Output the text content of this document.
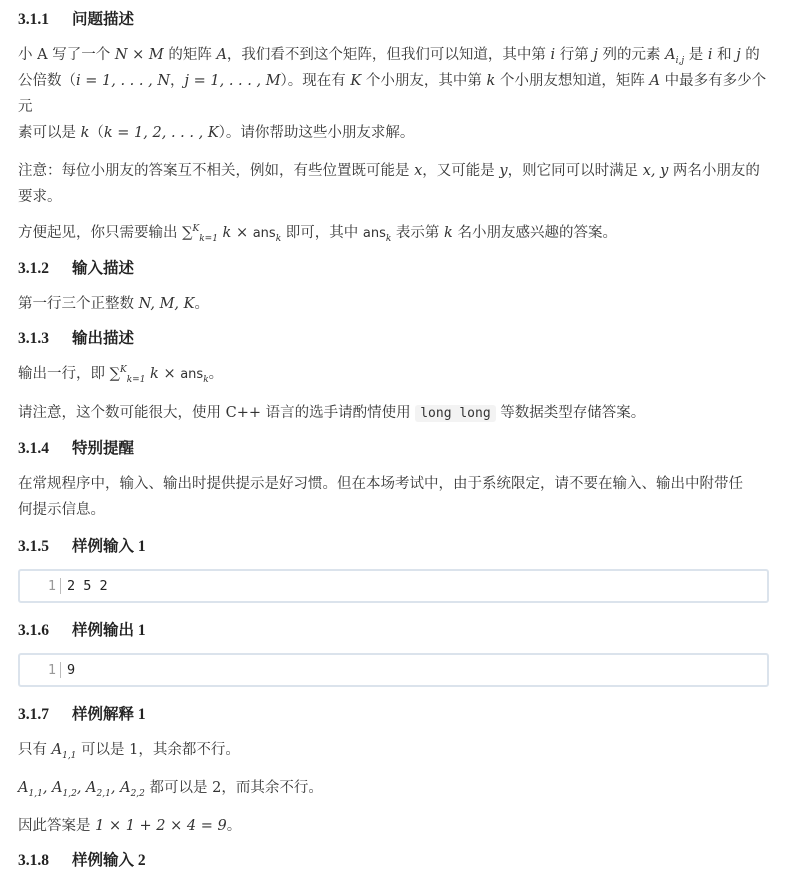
3.1.1 问题描述

小 A 写了一个 N × M 的矩阵 A，我们看不到这个矩阵，但我们可以知道，其中第 i 行第 j 列的元素 $A_{i,j}$ 是 i 和 j 的
公倍数（i = 1, . . . , N，j = 1, . . . , M）。现在有 K 个小朋友，其中第 k 个小朋友想知道，矩阵 A 中最多有多少个元
素可以是 k（k = 1, 2, . . . , K）。请你帮助这些小朋友求解。

注意：每位小朋友的答案互不相关，例如，有些位置既可能是 x，又可能是 y，则它同可以时满足 x, y 两名小朋友的
要求。

方便起见，你只需要输出 ∑$^K_{k=1}$ k × ans$_k$ 即可，其中 ans$_k$ 表示第 k 名小朋友感兴趣的答案。

3.1.2 输入描述

第一行三个正整数 N, M, K。

3.1.3 输出描述

输出一行，即 ∑$^K_{k=1}$ k × ans$_k$。

请注意，这个数可能很大，使用 C++ 语言的选手请酌情使用 long long 等数据类型存储答案。

3.1.4 特别提醒

在常规程序中，输入、输出时提供提示是好习惯。但在本场考试中，由于系统限定，请不要在输入、输出中附带任
何提示信息。

3.1.5 样例输入 1
1 2 5 2
3.1.6 样例输出 1
1 9
3.1.7 样例解释 1

只有 $A_{1,1}$ 可以是 1，其余都不行。

$A_{1,1}$, $A_{1,2}$, $A_{2,1}$, $A_{2,2}$ 都可以是 2，而其余不行。

因此答案是 1 × 1 + 2 × 4 = 9。

3.1.8 样例输入 2
